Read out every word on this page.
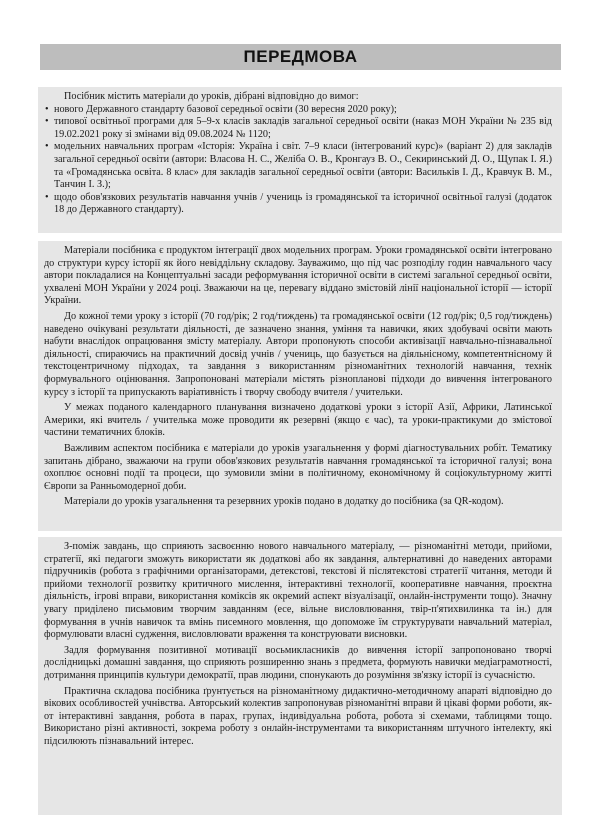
ПЕРЕДМОВА

Посібник містить матеріали до уроків, дібрані відповідно до вимог:

• нового Державного стандарту базової середньої освіти (30 вересня 2020 року);
• типової освітньої програми для 5–9-х класів закладів загальної середньої освіти (наказ МОН України № 235 від 19.02.2021 року зі змінами від 09.08.2024 № 1120;
• модельних навчальних програм «Історія: Україна і світ. 7–9 класи (інтегрований курс)» (варіант 2) для закладів загальної середньої освіти (автори: Власова Н. С., Желіба О. В., Кронгауз В. О., Секиринський Д. О., Щупак І. Я.) та «Громадянська освіта. 8 клас» для закладів загальної середньої освіти (автори: Васильків І. Д., Кравчук В. М., Танчин І. З.);
• щодо обов'язкових результатів навчання учнів / учениць із громадянської та історичної освітньої галузі (додаток 18 до Державного стандарту).

Матеріали посібника є продуктом інтеграції двох модельних програм. Уроки громадянської освіти інтегровано до структури курсу історії як його невіддільну складову. Зауважимо, що під час розподілу годин навчального часу автори покладалися на Концептуальні засади реформування історичної освіти в системі загальної середньої освіти, ухвалені МОН України у 2024 році. Зважаючи на це, перевагу віддано змістовій лінії національної історії — історії України.

До кожної теми уроку з історії (70 год/рік; 2 год/тиждень) та громадянської освіти (12 год/рік; 0,5 год/тиждень) наведено очікувані результати діяльності, де зазначено знання, уміння та навички, яких здобувачі освіти мають набути внаслідок опрацювання змісту матеріалу. Автори пропонують способи активізації навчально-пізнавальної діяльності, спираючись на практичний досвід учнів / учениць, що базується на діяльнісному, компетентнісному й текстоцентричному підходах, та завдання з використанням різноманітних технологій навчання, технік формувального оцінювання. Запропоновані матеріали містять різнопланові підходи до вивчення інтегрованого курсу з історії та припускають варіативність і творчу свободу вчителя / учительки.

У межах поданого календарного планування визначено додаткові уроки з історії Азії, Африки, Латинської Америки, які вчитель / учителька може проводити як резервні (якщо є час), та уроки-практикуми до змістової частини тематичних блоків.

Важливим аспектом посібника є матеріали до уроків узагальнення у формі діагностувальних робіт. Тематику запитань дібрано, зважаючи на групи обов'язкових результатів навчання громадянської та історичної галузі; вона охоплює основні події та процеси, що зумовили зміни в політичному, економічному й соціокультурному житті Європи за Ранньомодерної доби.

Матеріали до уроків узагальнення та резервних уроків подано в додатку до посібника (за QR-кодом).

З-поміж завдань, що сприяють засвоєнню нового навчального матеріалу, — різноманітні методи, прийоми, стратегії, які педагоги зможуть використати як додаткові або як завдання, альтернативні до наведених авторами підручників (робота з графічними організаторами, детекстові, текстові й післятекстові стратегії читання, методи й прийоми технології розвитку критичного мислення, інтерактивні технології, кооперативне навчання, проєктна діяльність, ігрові вправи, використання коміксів як окремий аспект візуалізації, онлайн-інструменти тощо). Значну увагу приділено письмовим творчим завданням (есе, вільне висловлювання, твір-п'ятихвилинка та ін.) для формування в учнів навичок та вмінь писемного мовлення, що допоможе їм структурувати навчальний матеріал, формулювати власні судження, висловлювати враження та конструювати висновки.

Задля формування позитивної мотивації восьмикласників до вивчення історії запропоновано творчі дослідницькі домашні завдання, що сприяють розширенню знань з предмета, формують навички медіаграмотності, дотримання принципів культури демократії, прав людини, спонукають до розуміння зв'язку історії із сучасністю.

Практична складова посібника ґрунтується на різноманітному дидактично-методичному апараті відповідно до вікових особливостей учнівства. Авторський колектив запропонував різноманітні вправи й цікаві форми роботи, як-от інтерактивні завдання, робота в парах, групах, індивідуальна робота, робота зі схемами, таблицями тощо. Використано різні активності, зокрема роботу з онлайн-інструментами та використанням штучного інтелекту, які підсилюють пізнавальний інтерес.
